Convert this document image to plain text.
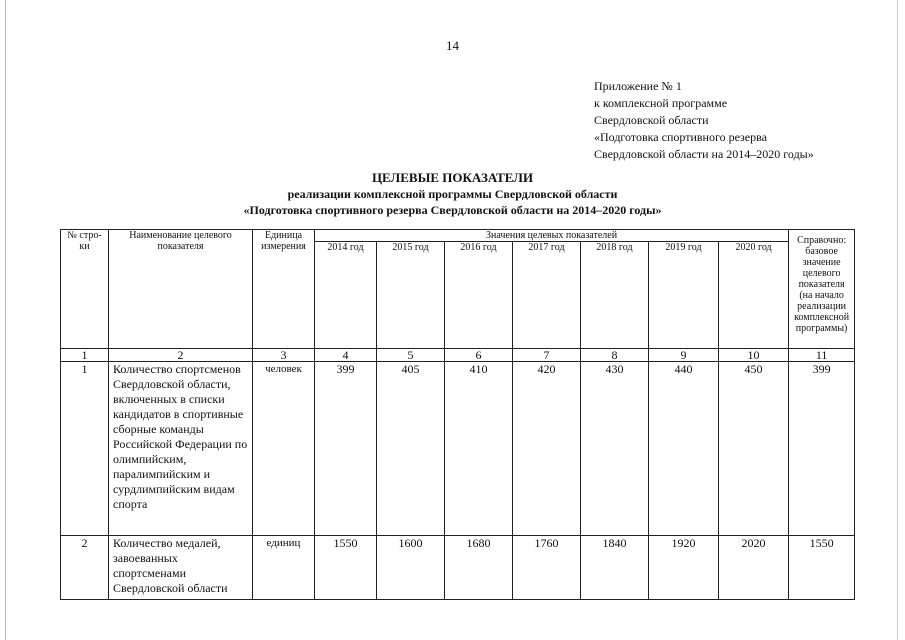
14
Приложение № 1
к комплексной программе
Свердловской области
«Подготовка спортивного резерва
Свердловской области на 2014–2020 годы»
ЦЕЛЕВЫЕ ПОКАЗАТЕЛИ
реализации комплексной программы Свердловской области
«Подготовка спортивного резерва Свердловской области на 2014–2020 годы»
№ стро-ки	Наименование целевого показателя	Единица измерения	Значения целевых показателей							Справочно: базовое значение целевого показателя (на начало реализации комплексной программы)
			2014 год	2015 год	2016 год	2017 год	2018 год	2019 год	2020 год	
1	2	3	4	5	6	7	8	9	10	11
1	Количество спортсменов Свердловской области, включенных в списки кандидатов в спортивные сборные команды Российской Федерации по олимпийским, паралимпийским и сурдлимпийским видам спорта	человек	399	405	410	420	430	440	450	399
2	Количество медалей, завоеванных спортсменами Свердловской области	единиц	1550	1600	1680	1760	1840	1920	2020	1550
